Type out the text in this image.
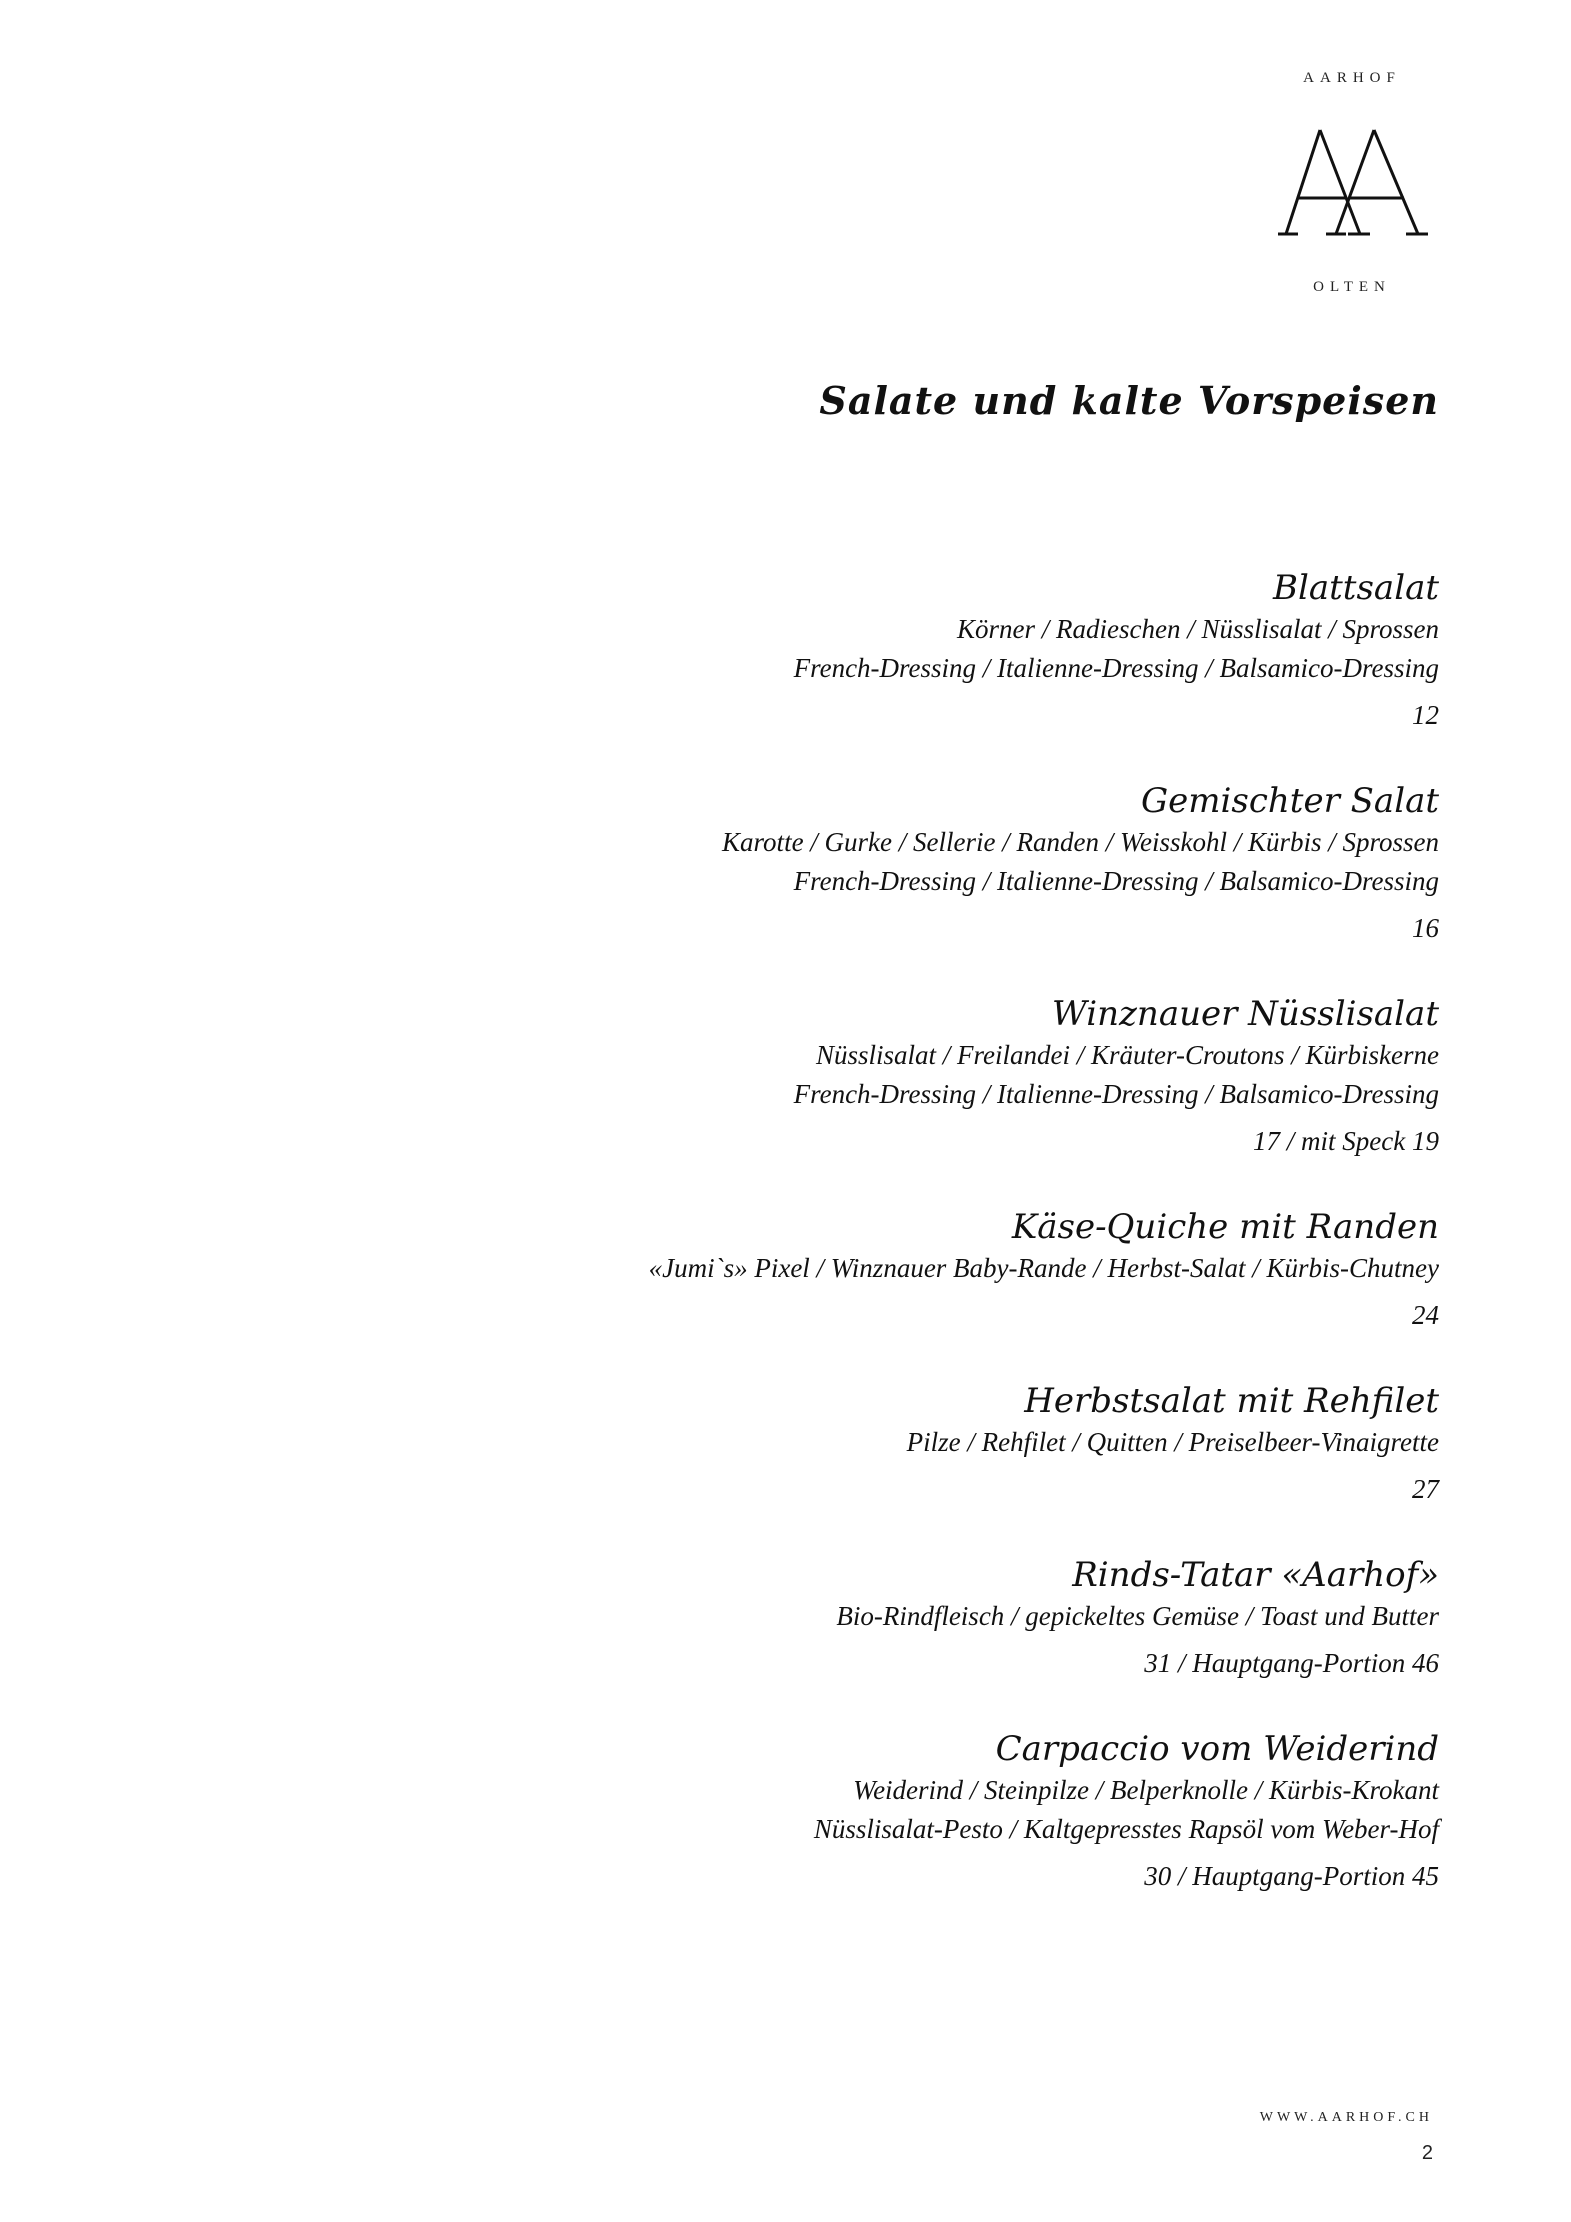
AARHOF
OLTEN
Salate und kalte Vorspeisen
Blattsalat
Körner / Radieschen / Nüsslisalat / Sprossen
French-Dressing / Italienne-Dressing / Balsamico-Dressing
12
Gemischter Salat
Karotte / Gurke / Sellerie / Randen / Weisskohl / Kürbis / Sprossen
French-Dressing / Italienne-Dressing / Balsamico-Dressing
16
Winznauer Nüsslisalat
Nüsslisalat / Freilandei / Kräuter-Croutons / Kürbiskerne
French-Dressing / Italienne-Dressing / Balsamico-Dressing
17 / mit Speck 19
Käse-Quiche mit Randen
«Jumi`s» Pixel / Winznauer Baby-Rande / Herbst-Salat / Kürbis-Chutney
24
Herbstsalat mit Rehfilet
Pilze / Rehfilet / Quitten / Preiselbeer-Vinaigrette
27
Rinds-Tatar «Aarhof»
Bio-Rindfleisch / gepickeltes Gemüse / Toast und Butter
31 / Hauptgang-Portion 46
Carpaccio vom Weiderind
Weiderind / Steinpilze / Belperknolle / Kürbis-Krokant
Nüsslisalat-Pesto / Kaltgepresstes Rapsöl vom Weber-Hof
30 / Hauptgang-Portion 45
WWW.AARHOF.CH
2
